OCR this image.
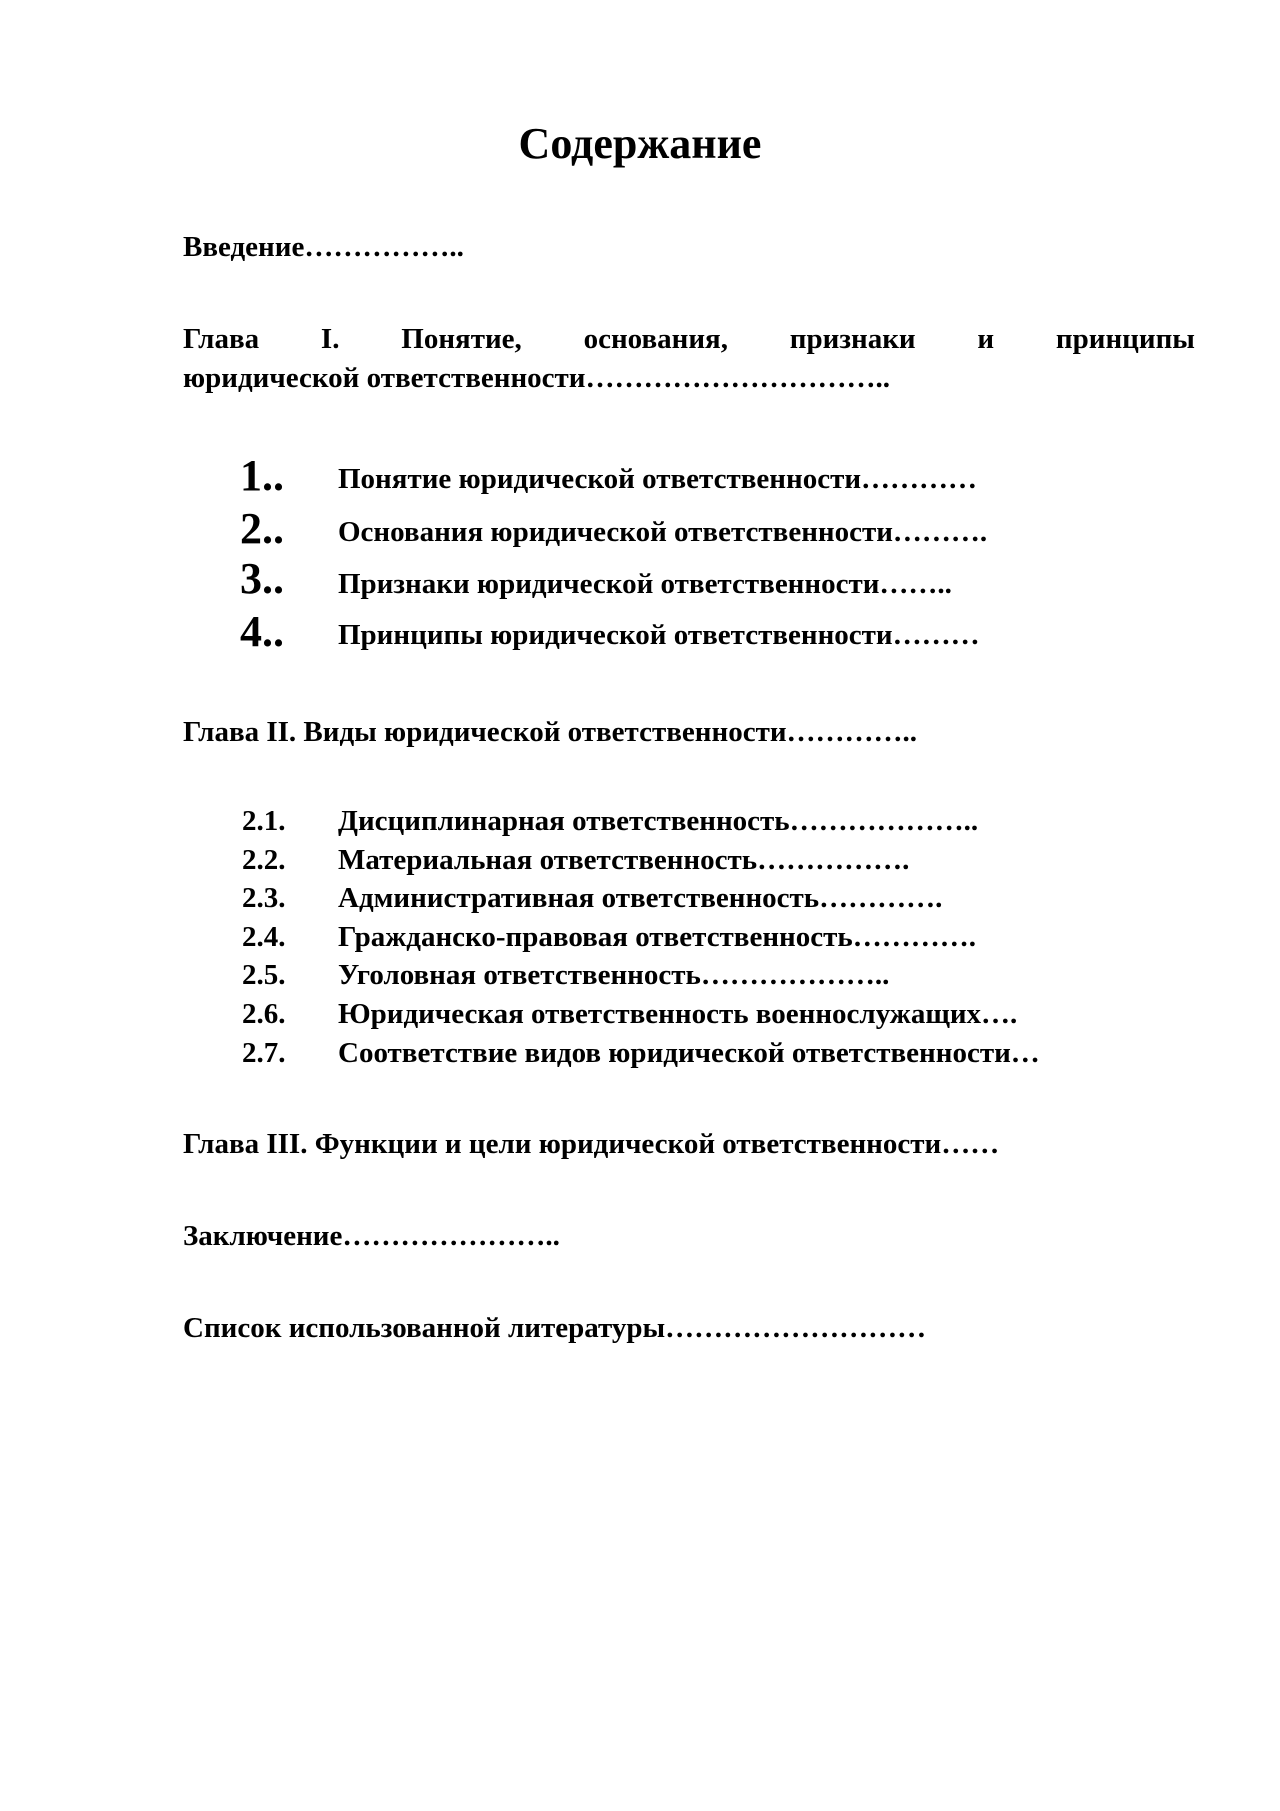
Содержание
Введение……………..
Глава I. Понятие, основания, признаки и принципы
юридической ответственности…………………………..
1.. Понятие юридической ответственности…………
2.. Основания юридической ответственности……….
3.. Признаки юридической ответственности……..
4.. Принципы юридической ответственности………
Глава II. Виды юридической ответственности…………..
2.1. Дисциплинарная ответственность………………..
2.2. Материальная ответственность…………….
2.3. Административная ответственность………….
2.4. Гражданско-правовая ответственность………….
2.5. Уголовная ответственность………………..
2.6. Юридическая ответственность военнослужащих….
2.7. Соответствие видов юридической ответственности…
Глава III. Функции и цели юридической ответственности……
Заключение…………………..
Список использованной литературы………………………
